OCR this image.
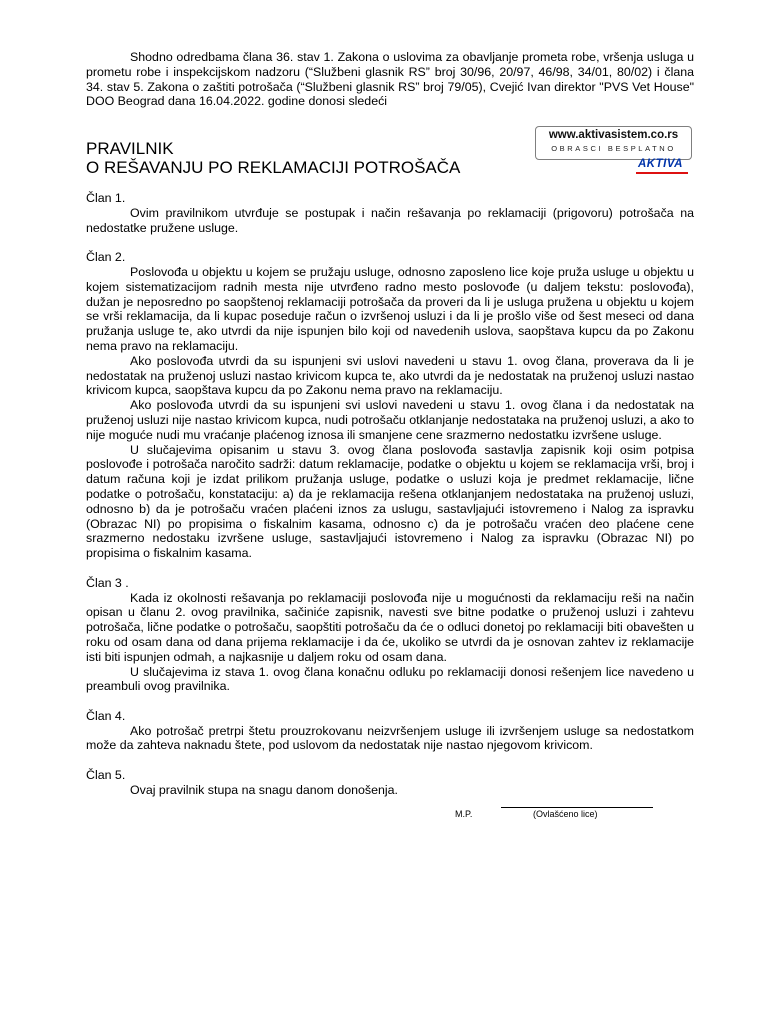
Shodno odredbama člana 36. stav 1. Zakona o uslovima za obavljanje prometa robe, vršenja usluga u prometu robe i inspekcijskom nadzoru (“Službeni glasnik RS” broj 30/96, 20/97, 46/98, 34/01, 80/02) i člana 34. stav 5. Zakona o zaštiti potrošača (“Službeni glasnik RS” broj 79/05), Cvejić Ivan direktor "PVS Vet House" DOO Beograd dana 16.04.2022. godine donosi sledeći

PRAVILNIK
O REŠAVANJU PO REKLAMACIJI POTROŠAČA
www.aktivasistem.co.rs
OBRASCI BESPLATNO
AKTIVA

Član 1.

Ovim pravilnikom utvrđuje se postupak i način rešavanja po reklamaciji (prigovoru) potrošača na nedostatke pružene usluge.

Član 2.

Poslovođa u objektu u kojem se pružaju usluge, odnosno zaposleno lice koje pruža usluge u objektu u kojem sistematizacijom radnih mesta nije utvrđeno radno mesto poslovođe (u daljem tekstu: poslovođa), dužan je neposredno po saopštenoj reklamaciji potrošača da proveri da li je usluga pružena u objektu u kojem se vrši reklamacija, da li kupac poseduje račun o izvršenoj usluzi i da li je prošlo više od šest meseci od dana pružanja usluge te, ako utvrdi da nije ispunjen bilo koji od navedenih uslova, saopštava kupcu da po Zakonu nema pravo na reklamaciju.

Ako poslovođa utvrdi da su ispunjeni svi uslovi navedeni u stavu 1. ovog člana, proverava da li je nedostatak na pruženoj usluzi nastao krivicom kupca te, ako utvrdi da je nedostatak na pruženoj usluzi nastao krivicom kupca, saopštava kupcu da po Zakonu nema pravo na reklamaciju.

Ako poslovođa utvrdi da su ispunjeni svi uslovi navedeni u stavu 1. ovog člana i da nedostatak na pruženoj usluzi nije nastao krivicom kupca, nudi potrošaču otklanjanje nedostataka na pruženoj usluzi, a ako to nije moguće nudi mu vraćanje plaćenog iznosa ili smanjene cene srazmerno nedostatku izvršene usluge.

U slučajevima opisanim u stavu 3. ovog člana poslovođa sastavlja zapisnik koji osim potpisa poslovođe i potrošača naročito sadrži: datum reklamacije, podatke o objektu u kojem se reklamacija vrši, broj i datum računa koji je izdat prilikom pružanja usluge, podatke o usluzi koja je predmet reklamacije, lične podatke o potrošaču, konstataciju: a) da je reklamacija rešena otklanjanjem nedostataka na pruženoj usluzi, odnosno b) da je potrošaču vraćen plaćeni iznos za uslugu, sastavljajući istovremeno i Nalog za ispravku (Obrazac NI) po propisima o fiskalnim kasama, odnosno c) da je potrošaču vraćen deo plaćene cene srazmerno nedostaku izvršene usluge, sastavljajući istovremeno i Nalog za ispravku (Obrazac NI) po propisima o fiskalnim kasama.

Član 3 .

Kada iz okolnosti rešavanja po reklamaciji poslovođa nije u mogućnosti da reklamaciju reši na način opisan u članu 2. ovog pravilnika, sačiniće zapisnik, navesti sve bitne podatke o pruženoj usluzi i zahtevu potrošača, lične podatke o potrošaču, saopštiti potrošaču da će o odluci donetoj po reklamaciji biti obavešten u roku od osam dana od dana prijema reklamacije i da će, ukoliko se utvrdi da je osnovan zahtev iz reklamacije isti biti ispunjen odmah, a najkasnije u daljem roku od osam dana.

U slučajevima iz stava 1. ovog člana konačnu odluku po reklamaciji donosi rešenjem lice navedeno u preambuli ovog pravilnika.

Član 4.

Ako potrošač pretrpi štetu prouzrokovanu neizvršenjem usluge ili izvršenjem usluge sa nedostatkom može da zahteva naknadu štete, pod uslovom da nedostatak nije nastao njegovom krivicom.

Član 5.

Ovaj pravilnik stupa na snagu danom donošenja.

M.P.	(Ovlašćeno lice)
